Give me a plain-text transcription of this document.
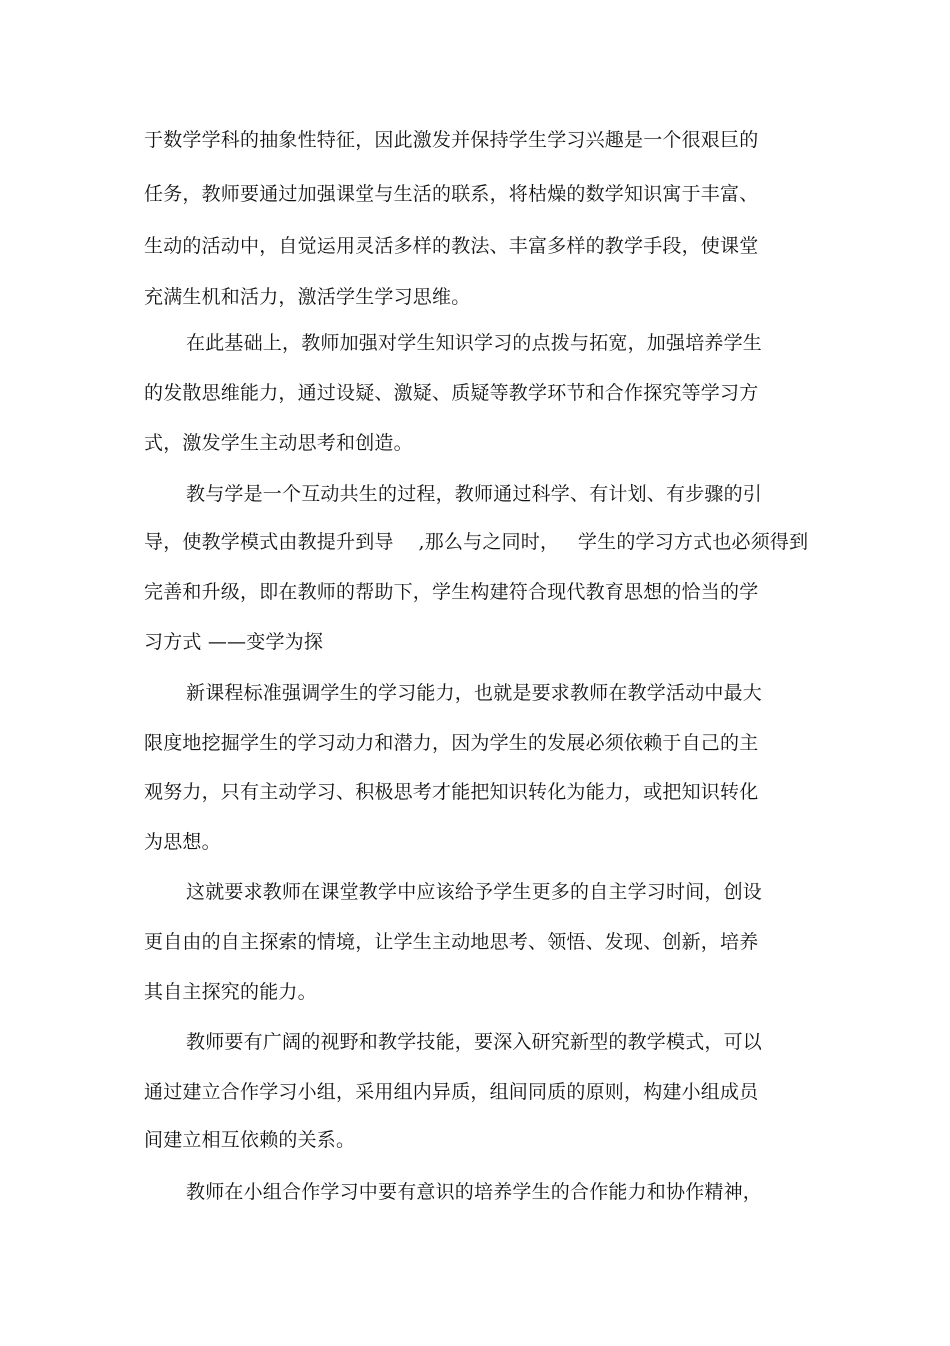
于数学学科的抽象性特征，因此激发并保持学生学习兴趣是一个很艰巨的
任务，教师要通过加强课堂与生活的联系，将枯燥的数学知识寓于丰富、
生动的活动中，自觉运用灵活多样的教法、丰富多样的教学手段，使课堂
充满生机和活力，激活学生学习思维。
在此基础上，教师加强对学生知识学习的点拨与拓宽，加强培养学生
的发散思维能力，通过设疑、激疑、质疑等教学环节和合作探究等学习方
式，激发学生主动思考和创造。
教与学是一个互动共生的过程，教师通过科学、有计划、有步骤的引
导，使教学模式由教提升到导    ,那么与之同时，   学生的学习方式也必须得到
完善和升级，即在教师的帮助下，学生构建符合现代教育思想的恰当的学
习方式 ——变学为探
新课程标准强调学生的学习能力，也就是要求教师在教学活动中最大
限度地挖掘学生的学习动力和潜力，因为学生的发展必须依赖于自己的主
观努力，只有主动学习、积极思考才能把知识转化为能力，或把知识转化
为思想。
这就要求教师在课堂教学中应该给予学生更多的自主学习时间，创设
更自由的自主探索的情境，让学生主动地思考、领悟、发现、创新，培养
其自主探究的能力。
教师要有广阔的视野和教学技能，要深入研究新型的教学模式，可以
通过建立合作学习小组，采用组内异质，组间同质的原则，构建小组成员
间建立相互依赖的关系。
教师在小组合作学习中要有意识的培养学生的合作能力和协作精神，
